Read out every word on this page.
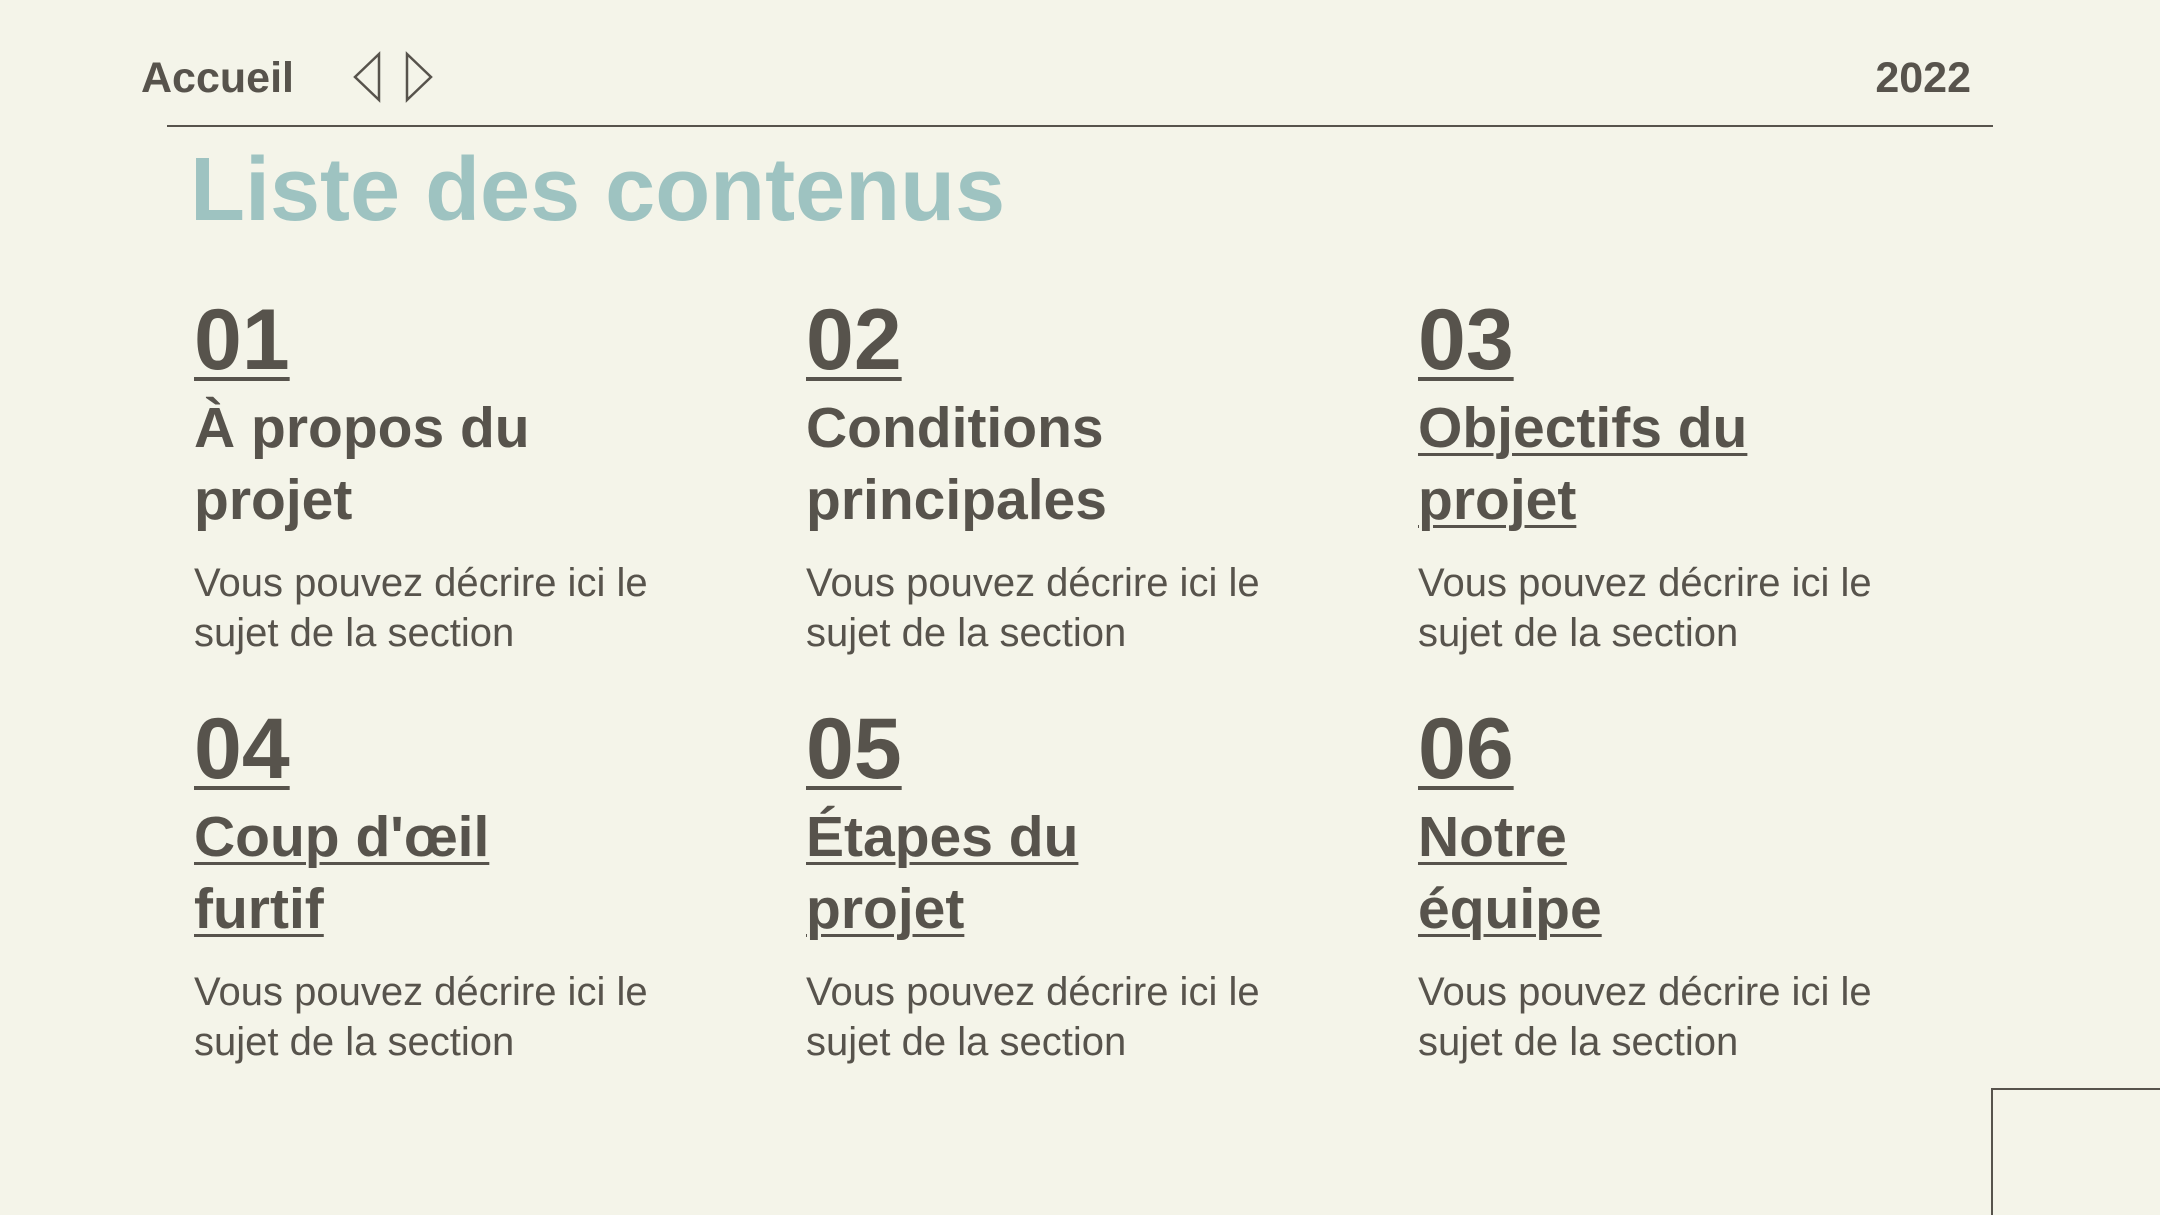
Accueil	2022
Liste des contenus
01
À propos du
projet
Vous pouvez décrire ici le
sujet de la section
02
Conditions
principales
Vous pouvez décrire ici le
sujet de la section
03
Objectifs du
projet
Vous pouvez décrire ici le
sujet de la section
04
Coup d'œil
furtif
Vous pouvez décrire ici le
sujet de la section
05
Étapes du
projet
Vous pouvez décrire ici le
sujet de la section
06
Notre
équipe
Vous pouvez décrire ici le
sujet de la section
